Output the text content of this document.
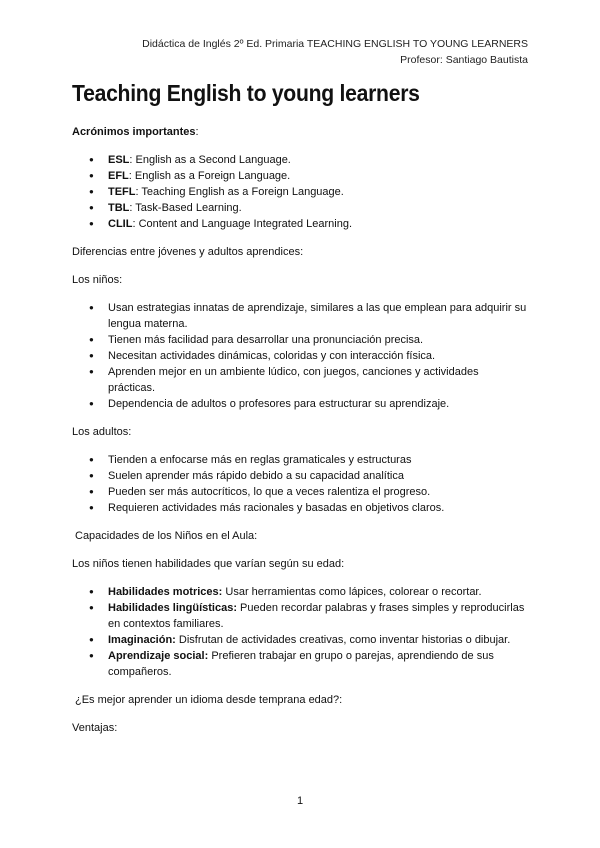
Didáctica de Inglés 2º Ed. Primaria TEACHING ENGLISH TO YOUNG LEARNERS
Profesor: Santiago Bautista
Teaching English to young learners

Acrónimos importantes:

● ESL: English as a Second Language.
● EFL: English as a Foreign Language.
● TEFL: Teaching English as a Foreign Language.
● TBL: Task-Based Learning.
● CLIL: Content and Language Integrated Learning.

Diferencias entre jóvenes y adultos aprendices:

Los niños:

● Usan estrategias innatas de aprendizaje, similares a las que emplean para adquirir su lengua materna.
● Tienen más facilidad para desarrollar una pronunciación precisa.
● Necesitan actividades dinámicas, coloridas y con interacción física.
● Aprenden mejor en un ambiente lúdico, con juegos, canciones y actividades prácticas.
● Dependencia de adultos o profesores para estructurar su aprendizaje.

Los adultos:

● Tienden a enfocarse más en reglas gramaticales y estructuras
● Suelen aprender más rápido debido a su capacidad analítica
● Pueden ser más autocríticos, lo que a veces ralentiza el progreso.
● Requieren actividades más racionales y basadas en objetivos claros.

Capacidades de los Niños en el Aula:

Los niños tienen habilidades que varían según su edad:

● Habilidades motrices: Usar herramientas como lápices, colorear o recortar.
● Habilidades lingüísticas: Pueden recordar palabras y frases simples y reproducirlas en contextos familiares.
● Imaginación: Disfrutan de actividades creativas, como inventar historias o dibujar.
● Aprendizaje social: Prefieren trabajar en grupo o parejas, aprendiendo de sus compañeros.

¿Es mejor aprender un idioma desde temprana edad?:

Ventajas:

1
